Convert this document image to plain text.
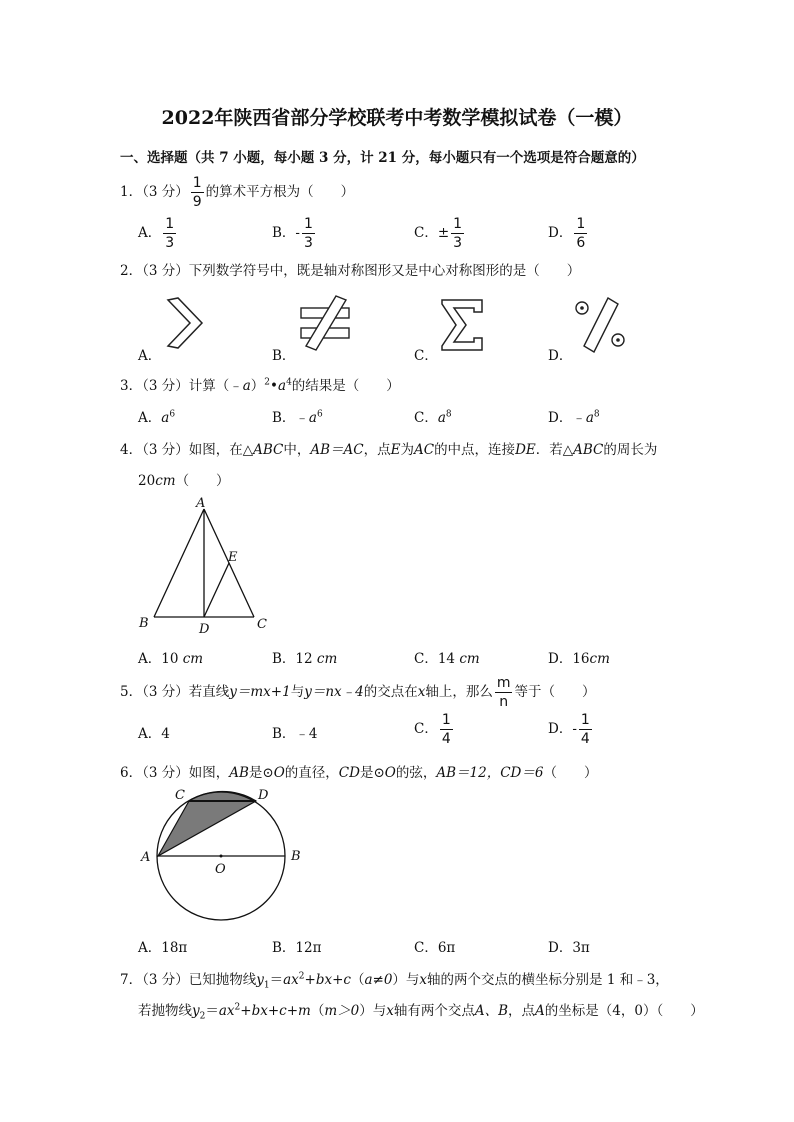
2022年陕西省部分学校联考中考数学模拟试卷（一模）
一、选择题（共 7 小题，每小题 3 分，计 21 分，每小题只有一个选项是符合题意的）
1．（3 分） $\frac{1}{9}$ 的算术平方根为（　　）
A． $\frac{1}{3}$	B．- $\frac{1}{3}$	C．± $\frac{1}{3}$	D． $\frac{1}{6}$
2．（3 分）下列数学符号中，既是轴对称图形又是中心对称图形的是（　　）
A．	B．	C．	D．
3．（3 分）计算$(﹣a)^2•a^4$的结果是（　　）
A．$a^6$	B．$﹣a^6$	C．$a^8$	D．$﹣a^8$
4．（3 分）如图，在△ABC中，AB＝AC，点E为AC的中点，连接DE．若△ABC的周长为
20cm（　　）
A
E
B	D	C
A．10 cm	B．12 cm	C．14 cm	D．16cm
5．（3 分）若直线y＝mx+1与y＝nx﹣4的交点在x轴上，那么 $\frac{m}{n}$ 等于（　　）
A．4	B．﹣4	C． $\frac{1}{4}$	D．- $\frac{1}{4}$
6．（3 分）如图，AB是⊙O的直径，CD是⊙O的弦，AB＝12，CD＝6（　　）
C	D
A	B
O
A．18π	B．12π	C．6π	D．3π
7．（3 分）已知抛物线$y_1=ax^2+bx+c(a\ne 0)$与x轴的两个交点的横坐标分别是 1 和﹣3，
若抛物线$y_2=ax^2+bx+c+m(m>0)$与x轴有两个交点A、B，点A的坐标是（4，0）（　　）
